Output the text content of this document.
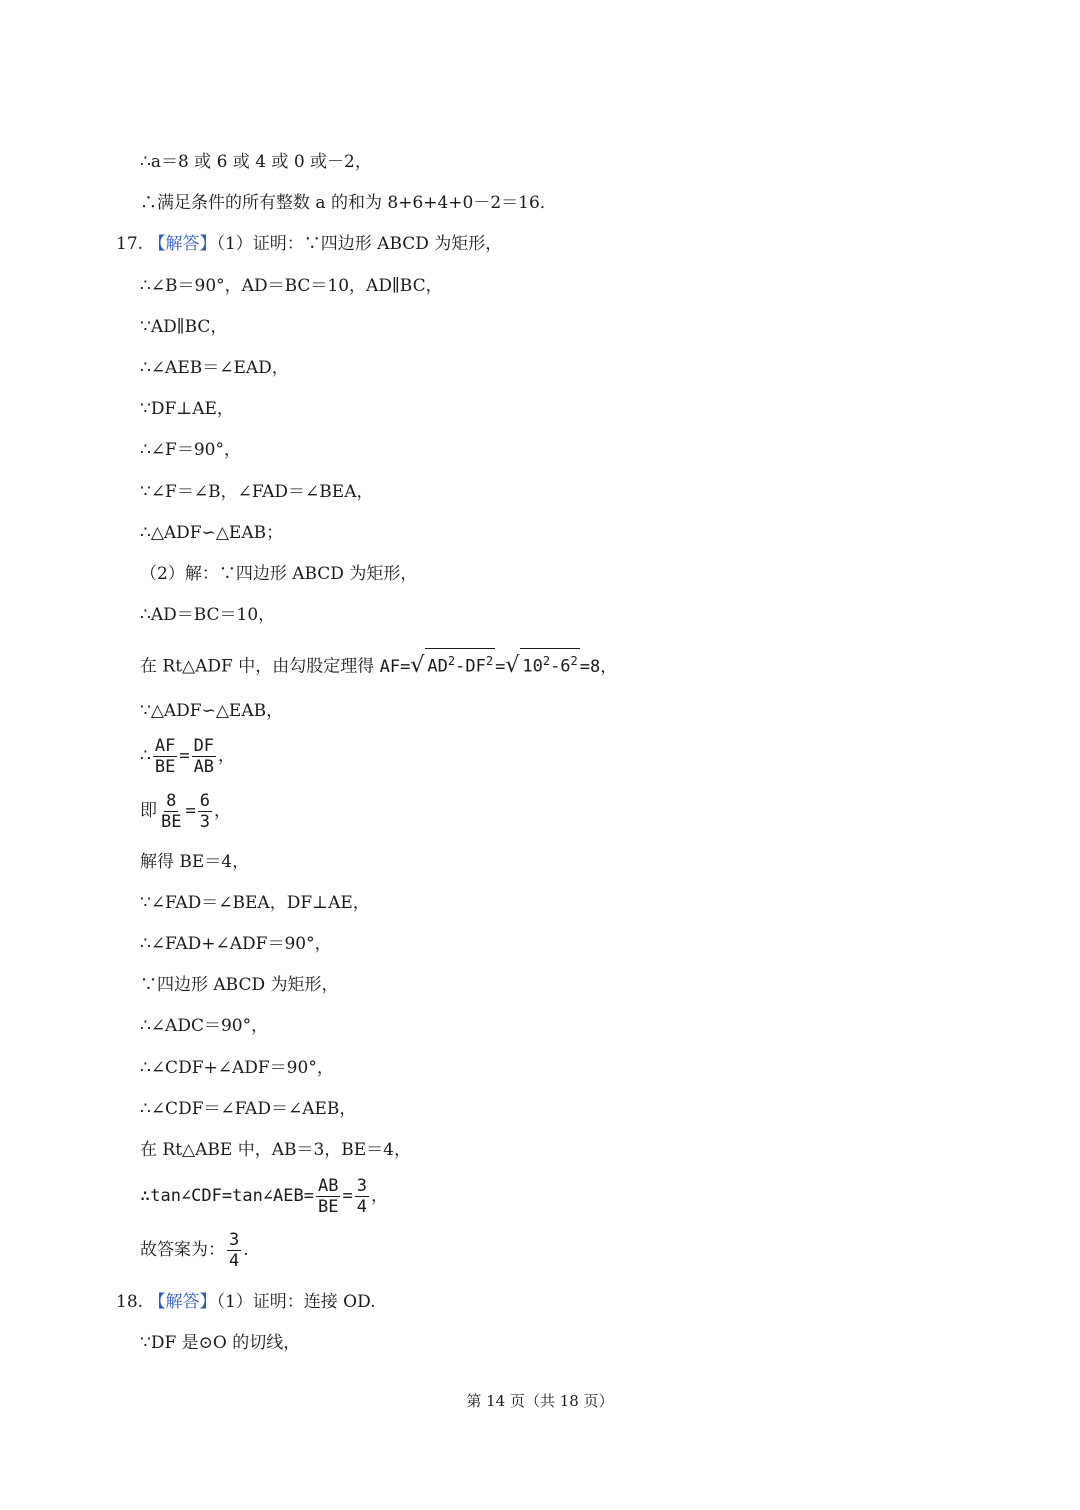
∴a＝8 或 6 或 4 或 0 或－2，
∴满足条件的所有整数 a 的和为 8+6+4+0－2＝16．
17. 【解答】（1）证明：∵四边形 ABCD 为矩形，
∴∠B＝90°，AD＝BC＝10，AD∥BC，
∵AD∥BC，
∴∠AEB＝∠EAD，
∵DF⊥AE，
∴∠F＝90°，
∵∠F＝∠B，∠FAD＝∠BEA，
∴△ADF∽△EAB；
（2）解：∵四边形 ABCD 为矩形，
∴AD＝BC＝10，
在 Rt△ADF 中，由勾股定理得 AF=√ $AD^2-DF^2$ =√ $10^2-6^2 =8$，
∵△ADF∽△EAB，
∴ $\frac{AF}{BE} = \frac{DF}{AB}$ ，
即 $\frac{8}{BE} = \frac{6}{3}$ ，
解得 BE＝4，
∵∠FAD＝∠BEA，DF⊥AE，
∴∠FAD+∠ADF＝90°，
∵四边形 ABCD 为矩形，
∴∠ADC＝90°，
∴∠CDF+∠ADF＝90°，
∴∠CDF＝∠FAD＝∠AEB，
在 Rt△ABE 中，AB＝3，BE＝4，
∴tan∠CDF=tan∠AEB= $\frac{AB}{BE} = \frac{3}{4}$ ，
故答案为： $\frac{3}{4}$ .
18. 【解答】（1）证明：连接 OD.
∵DF 是⊙O 的切线，
第 14 页（共 18 页）
